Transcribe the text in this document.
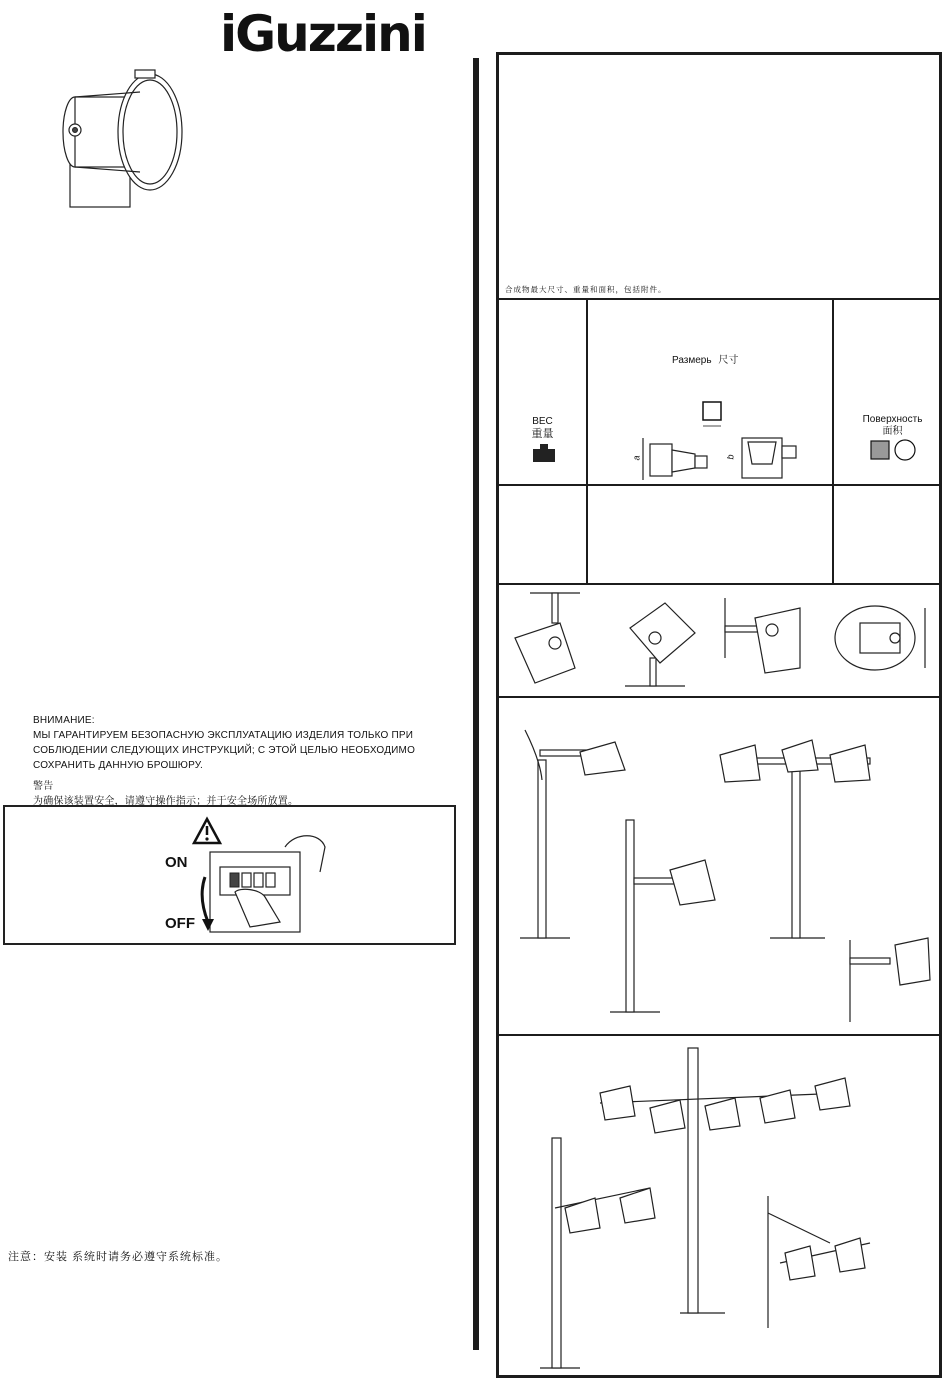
iGuzzini

ВНИМАНИЕ:

МЫ ГАРАНТИРУЕМ БЕЗОПАСНУЮ ЭКСПЛУАТАЦИЮ ИЗДЕЛИЯ ТОЛЬКО ПРИ

СОБЛЮДЕНИИ СЛЕДУЮЩИХ ИНСТРУКЦИЙ; С ЭТОЙ ЦЕЛЬЮ НЕОБХОДИМО

СОХРАНИТЬ ДАННУЮ БРОШЮРУ.

警告

为确保该装置安全，请遵守操作指示；并于安全场所放置。

ON
OFF
注意：安装 系统时请务必遵守系统标准。
合成物最大尺寸、重量和面积，包括附件。
ВЕС
重量
Размерь 尺寸
a	b
Поверхность
面积
